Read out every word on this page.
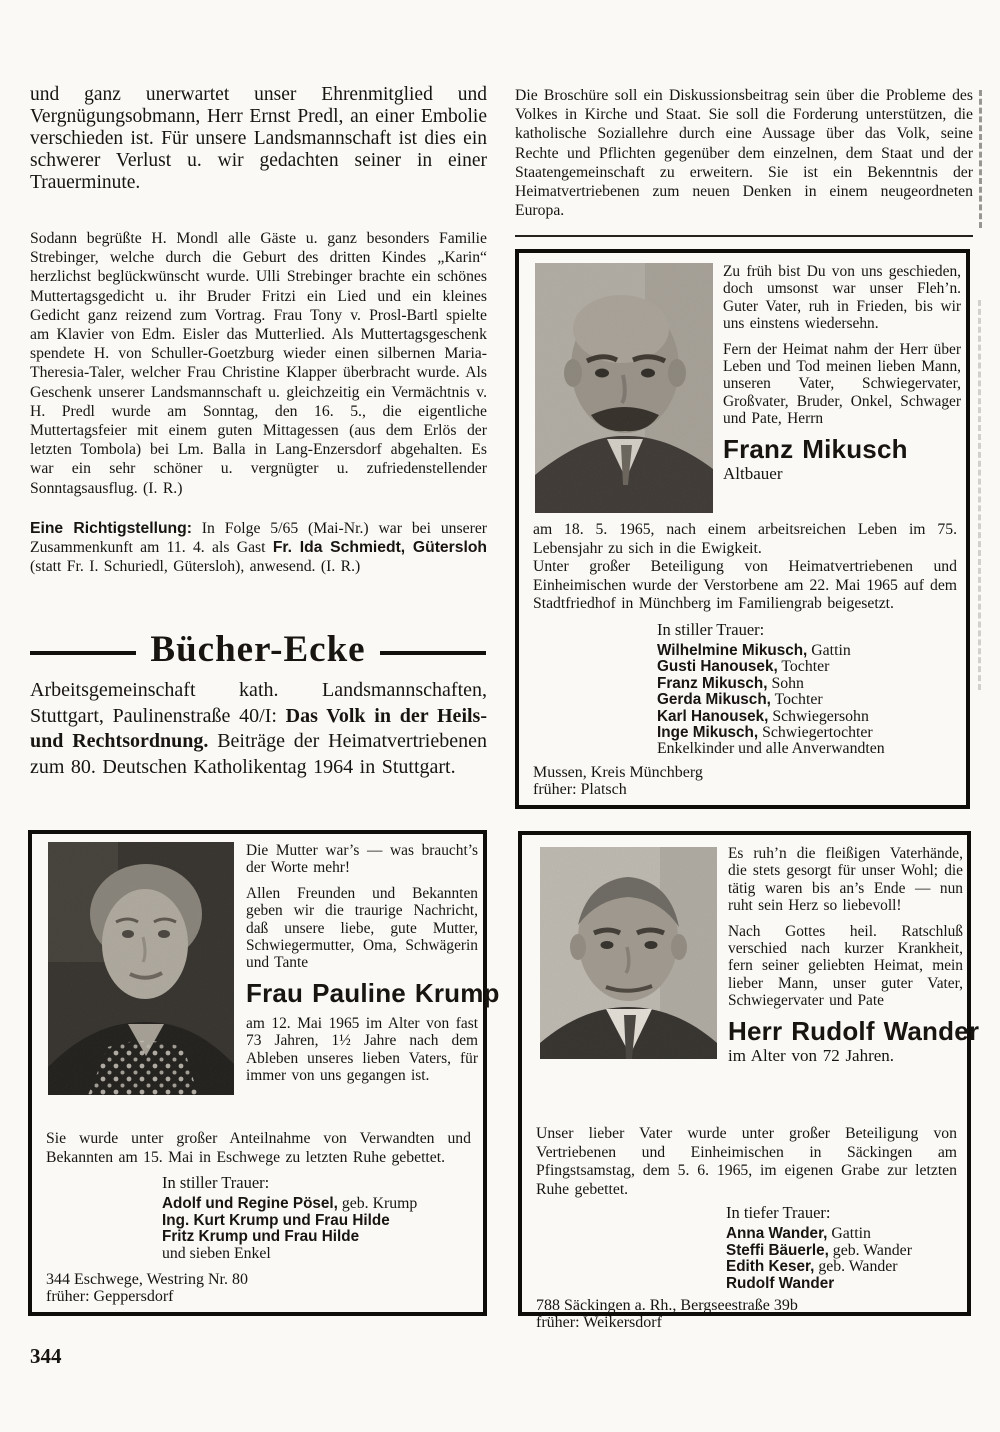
und ganz unerwartet unser Ehrenmitglied und Vergnügungsobmann, Herr Ernst Predl, an einer Embolie verschieden ist. Für unsere Landsmannschaft ist dies ein schwerer Verlust u. wir gedachten seiner in einer Trauerminute.

Sodann begrüßte H. Mondl alle Gäste u. ganz besonders Familie Strebinger, welche durch die Geburt des dritten Kindes „Karin“ herzlichst beglückwünscht wurde. Ulli Strebinger brachte ein schönes Muttertagsgedicht u. ihr Bruder Fritzi ein Lied und ein kleines Gedicht ganz reizend zum Vortrag. Frau Tony v. Prosl-Bartl spielte am Klavier von Edm. Eisler das Mutterlied. Als Muttertagsgeschenk spendete H. von Schuller-Goetzburg wieder einen silbernen Maria-Theresia-Taler, welcher Frau Christine Klapper überbracht wurde. Als Geschenk unserer Landsmannschaft u. gleichzeitig ein Vermächtnis v. H. Predl wurde am Sonntag, den 16. 5., die eigentliche Muttertagsfeier mit einem guten Mittagessen (aus dem Erlös der letzten Tombola) bei Lm. Balla in Lang-Enzersdorf abgehalten. Es war ein sehr schöner u. vergnügter u. zufriedenstellender Sonntagsausflug. (I. R.)

Eine Richtigstellung: In Folge 5/65 (Mai-Nr.) war bei unserer Zusammenkunft am 11. 4. als Gast Fr. Ida Schmiedt, Gütersloh (statt Fr. I. Schuriedl, Gütersloh), anwesend. (I. R.)

Bücher-Ecke

Arbeitsgemeinschaft kath. Landsmannschaften, Stuttgart, Paulinenstraße 40/I: Das Volk in der Heils- und Rechtsordnung. Beiträge der Heimatvertriebenen zum 80. Deutschen Katholikentag 1964 in Stuttgart.

Die Broschüre soll ein Diskussionsbeitrag sein über die Probleme des Volkes in Kirche und Staat. Sie soll die Forderung unterstützen, die katholische Soziallehre durch eine Aussage über das Volk, seine Rechte und Pflichten gegenüber dem einzelnen, dem Staat und der Staatengemeinschaft zu erweitern. Sie ist ein Bekenntnis der Heimatvertriebenen zum neuen Denken in einem neugeordneten Europa.

Zu früh bist Du von uns geschieden, doch umsonst war unser Fleh’n. Guter Vater, ruh in Frieden, bis wir uns einstens wiedersehn.

Fern der Heimat nahm der Herr über Leben und Tod meinen lieben Mann, unseren Vater, Schwiegervater, Großvater, Bruder, Onkel, Schwager und Pate, Herrn

Franz Mikusch

Altbauer

am 18. 5. 1965, nach einem arbeitsreichen Leben im 75. Lebensjahr zu sich in die Ewigkeit.

Unter großer Beteiligung von Heimatvertriebenen und Einheimischen wurde der Verstorbene am 22. Mai 1965 auf dem Stadtfriedhof in Münchberg im Familiengrab beigesetzt.

In stiller Trauer:
Wilhelmine Mikusch, Gattin
Gusti Hanousek, Tochter
Franz Mikusch, Sohn
Gerda Mikusch, Tochter
Karl Hanousek, Schwiegersohn
Inge Mikusch, Schwiegertochter
Enkelkinder und alle Anverwandten
Mussen, Kreis Münchberg
früher: Platsch

Die Mutter war’s — was braucht’s der Worte mehr!

Allen Freunden und Bekannten geben wir die traurige Nachricht, daß unsere liebe, gute Mutter, Schwiegermutter, Oma, Schwägerin und Tante

Frau Pauline Krump

am 12. Mai 1965 im Alter von fast 73 Jahren, 1½ Jahre nach dem Ableben unseres lieben Vaters, für immer von uns gegangen ist.

Sie wurde unter großer Anteilnahme von Verwandten und Bekannten am 15. Mai in Eschwege zu letzten Ruhe gebettet.

In stiller Trauer:
Adolf und Regine Pösel, geb. Krump
Ing. Kurt Krump und Frau Hilde
Fritz Krump und Frau Hilde
und sieben Enkel
344 Eschwege, Westring Nr. 80
früher: Geppersdorf

Es ruh’n die fleißigen Vaterhände, die stets gesorgt für unser Wohl; die tätig waren bis an’s Ende — nun ruht sein Herz so liebevoll!

Nach Gottes heil. Ratschluß verschied nach kurzer Krankheit, fern seiner geliebten Heimat, mein lieber Mann, unser guter Vater, Schwiegervater und Pate

Herr Rudolf Wander

im Alter von 72 Jahren.

Unser lieber Vater wurde unter großer Beteiligung von Vertriebenen und Einheimischen in Säckingen am Pfingstsamstag, dem 5. 6. 1965, im eigenen Grabe zur letzten Ruhe gebettet.

In tiefer Trauer:
Anna Wander, Gattin
Steffi Bäuerle, geb. Wander
Edith Keser, geb. Wander
Rudolf Wander
788 Säckingen a. Rh., Bergseestraße 39b
früher: Weikersdorf
344
